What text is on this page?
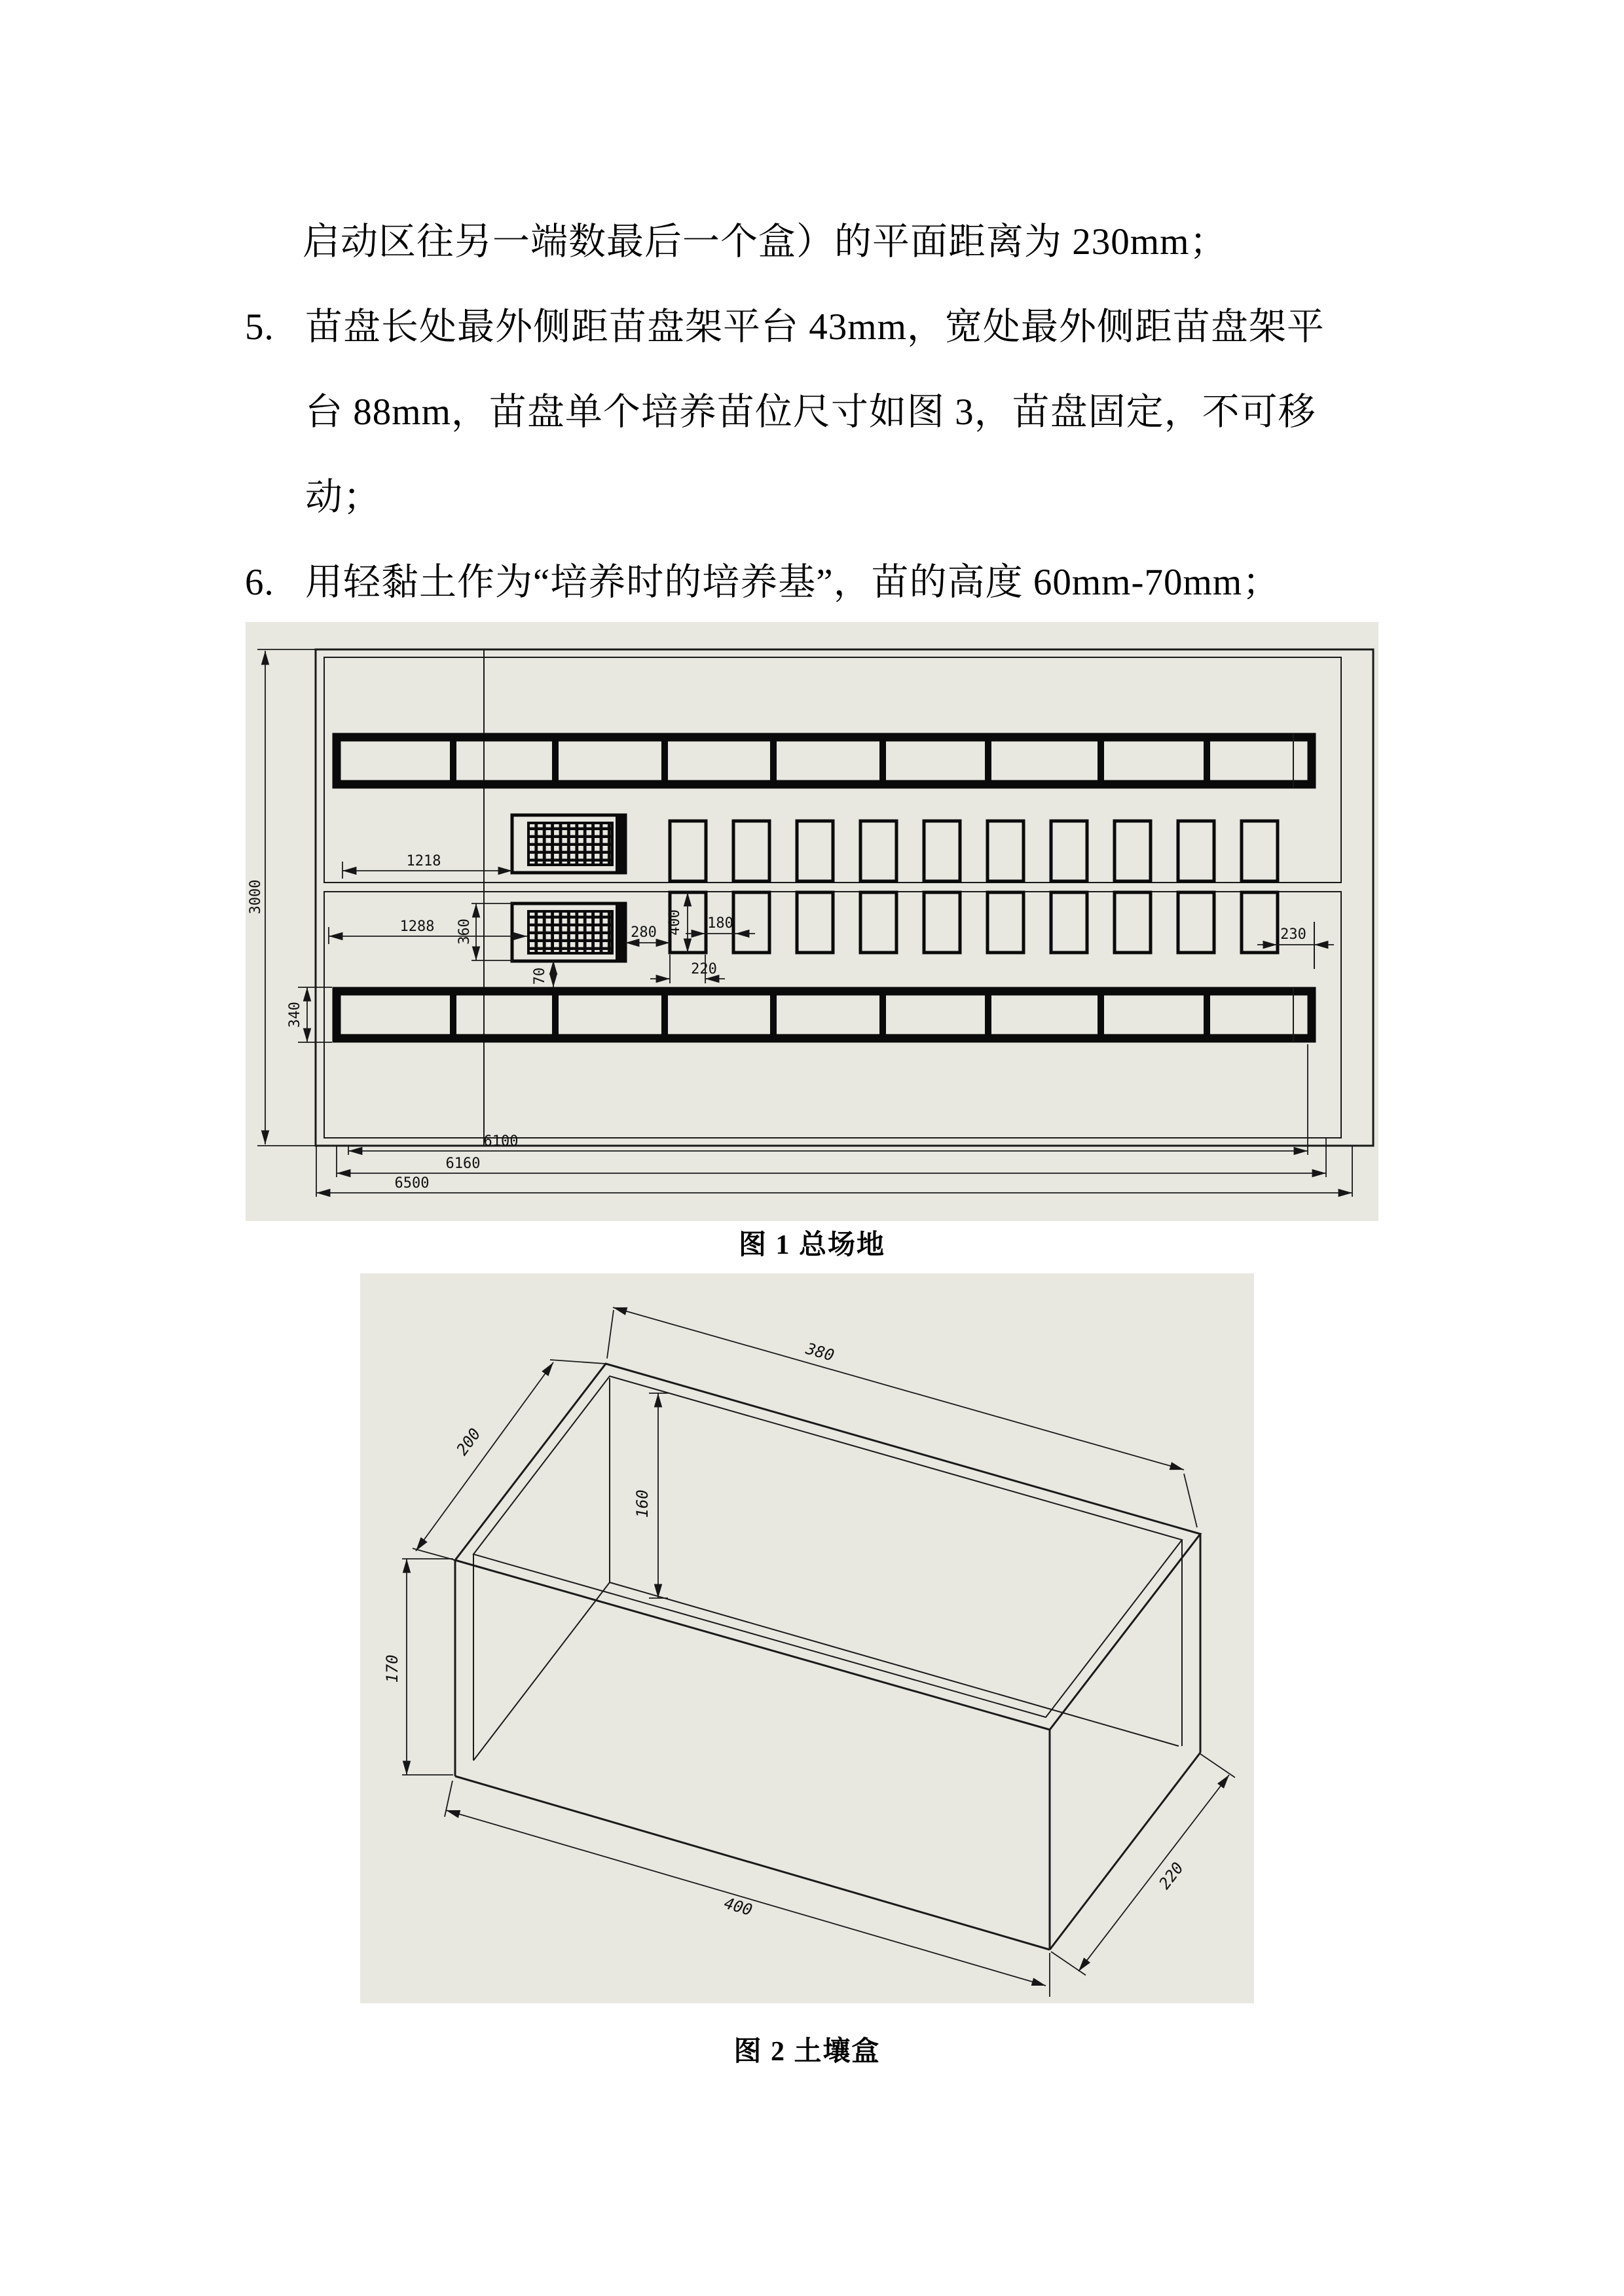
启动区往另一端数最后一个盒）的平面距离为 230mm；
5. 苗盘长处最外侧距苗盘架平台 43mm，宽处最外侧距苗盘架平
台 88mm，苗盘单个培养苗位尺寸如图 3，苗盘固定，不可移
动；
6. 用轻黏土作为“培养时的培养基”，苗的高度 60mm-70mm；
3000
1218
1288 360
70
280 400 180
220
230
340
6100
6160
6500
图 1 总场地
380
200
160
170
400
220
图 2 土壤盒
